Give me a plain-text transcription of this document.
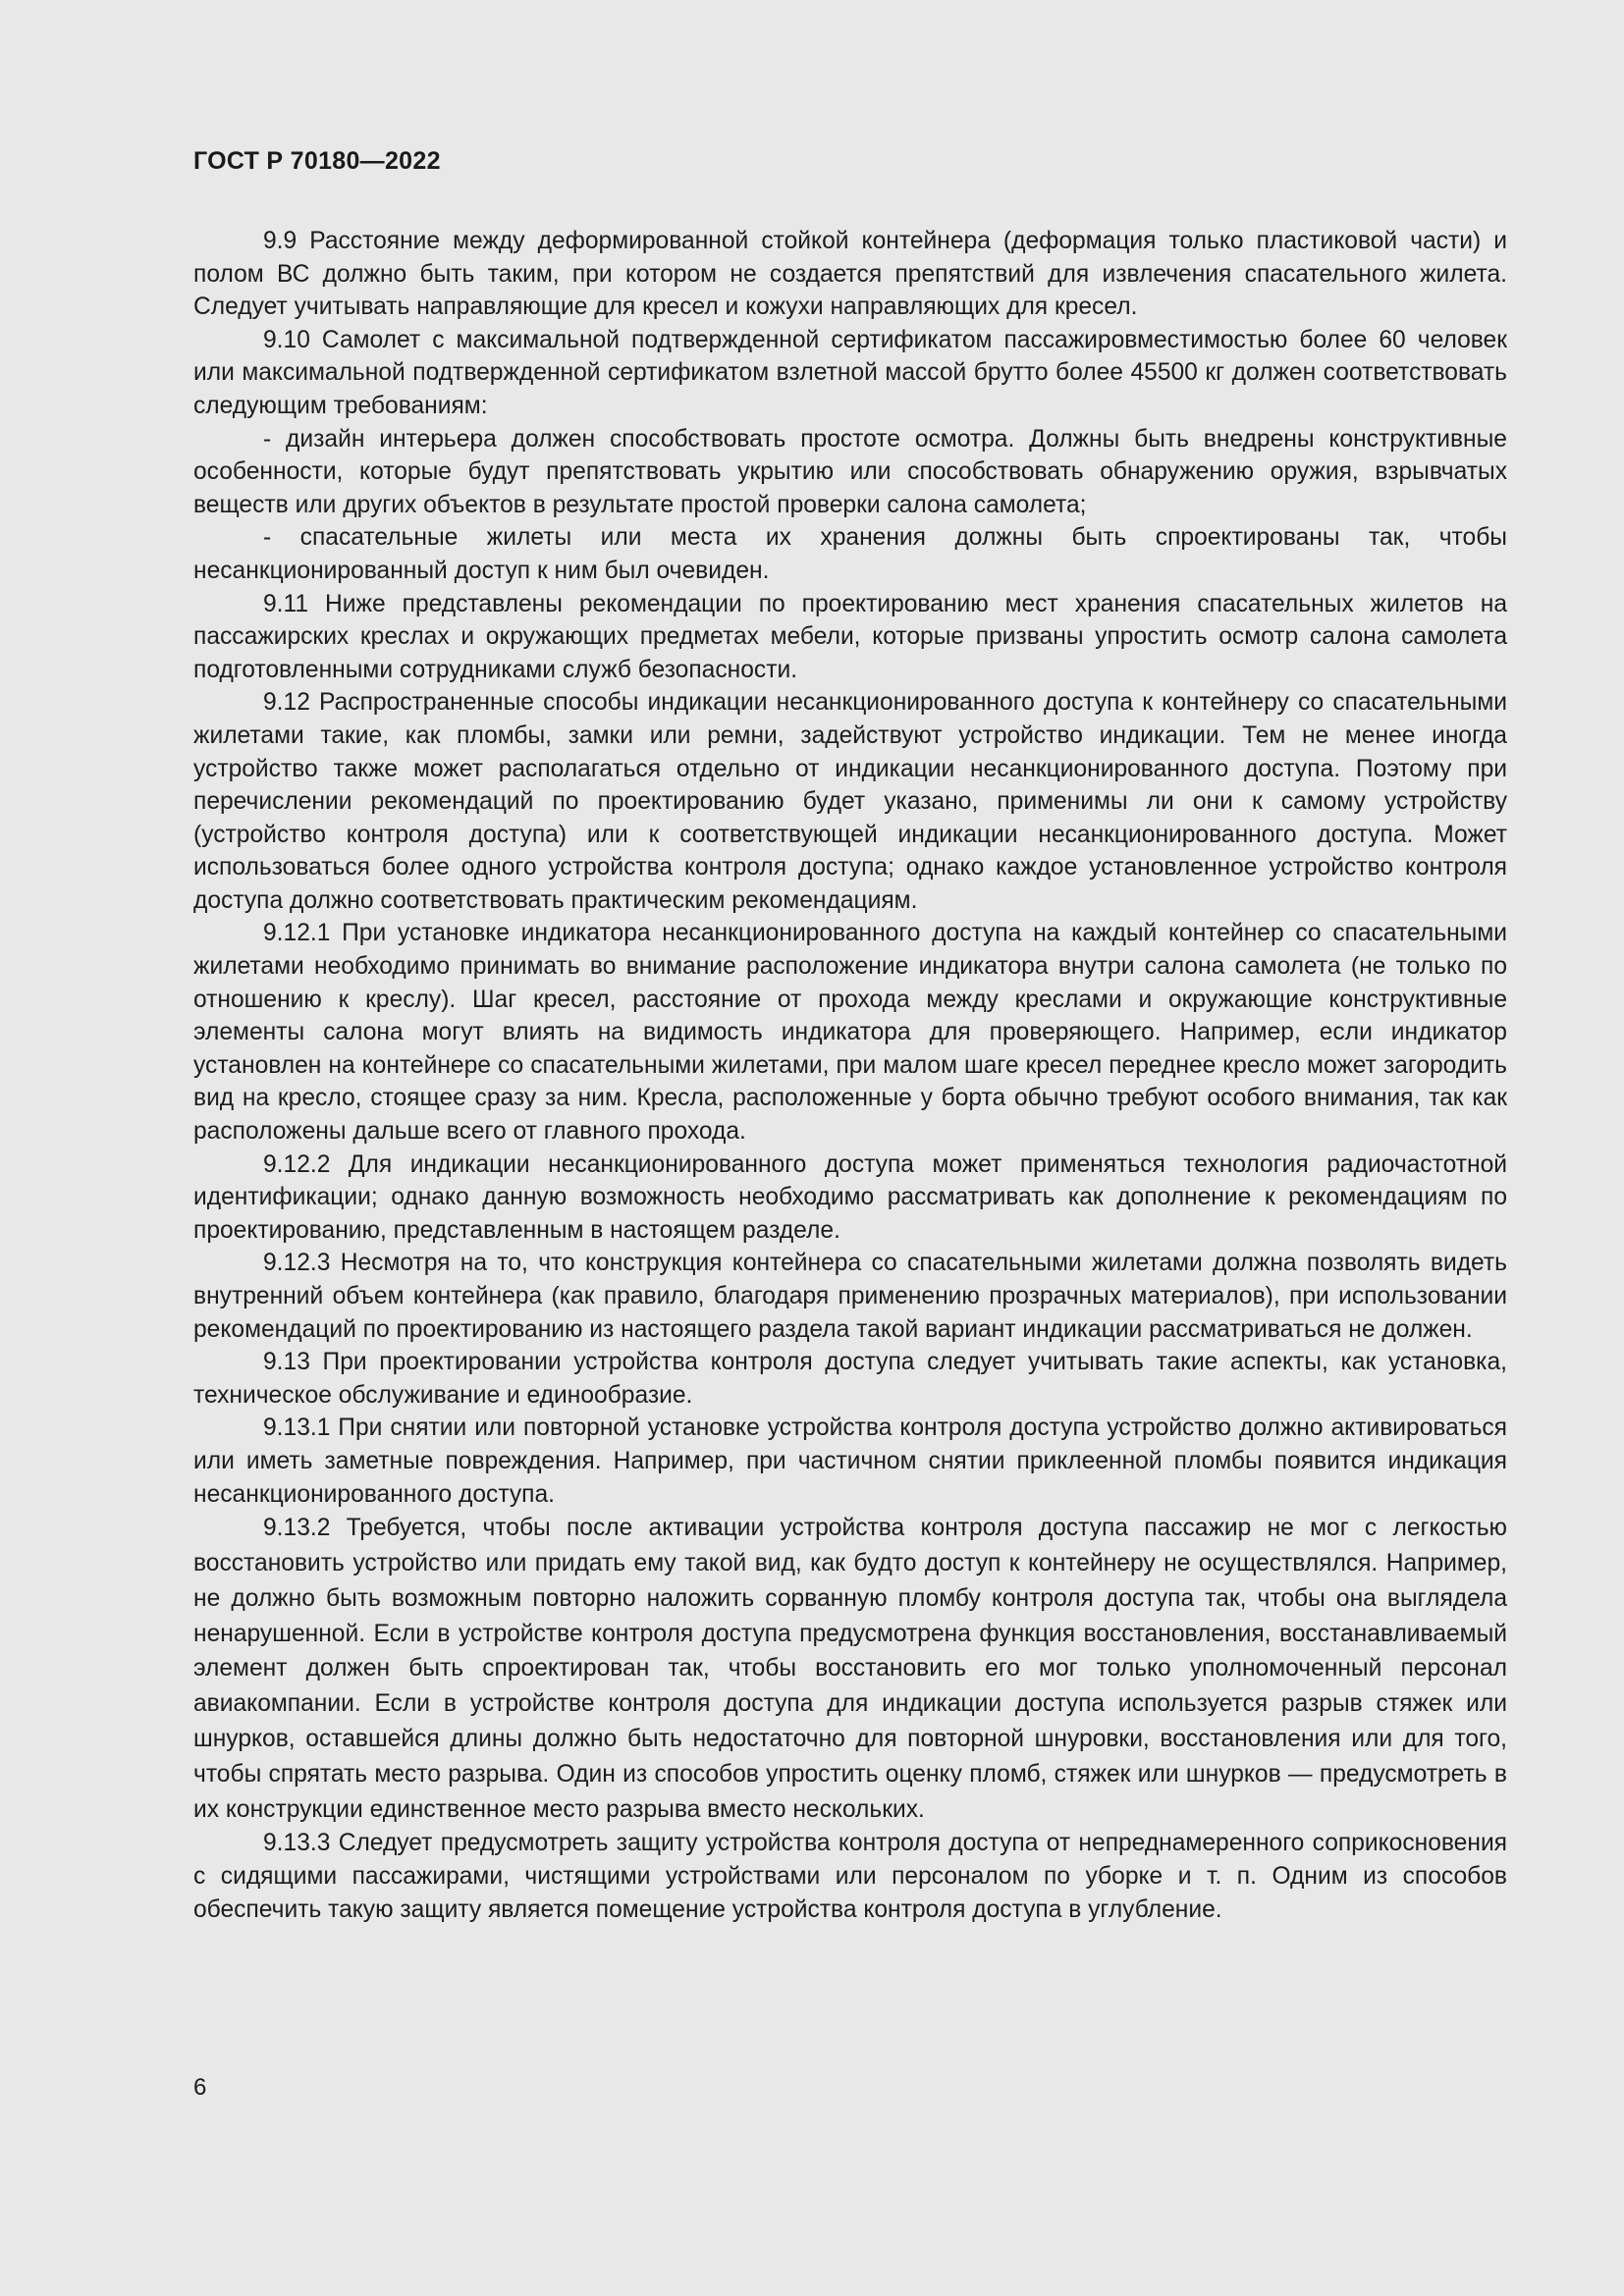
ГОСТ Р 70180—2022

9.9 Расстояние между деформированной стойкой контейнера (деформация только пластиковой части) и полом ВС должно быть таким, при котором не создается препятствий для извлечения спасательного жилета. Следует учитывать направляющие для кресел и кожухи направляющих для кресел.

9.10 Самолет с максимальной подтвержденной сертификатом пассажировместимостью более 60 человек или максимальной подтвержденной сертификатом взлетной массой брутто более 45500 кг должен соответствовать следующим требованиям:

- дизайн интерьера должен способствовать простоте осмотра. Должны быть внедрены конструктивные особенности, которые будут препятствовать укрытию или способствовать обнаружению оружия, взрывчатых веществ или других объектов в результате простой проверки салона самолета;

- спасательные жилеты или места их хранения должны быть спроектированы так, чтобы несанкционированный доступ к ним был очевиден.

9.11 Ниже представлены рекомендации по проектированию мест хранения спасательных жилетов на пассажирских креслах и окружающих предметах мебели, которые призваны упростить осмотр салона самолета подготовленными сотрудниками служб безопасности.

9.12 Распространенные способы индикации несанкционированного доступа к контейнеру со спасательными жилетами такие, как пломбы, замки или ремни, задействуют устройство индикации. Тем не менее иногда устройство также может располагаться отдельно от индикации несанкционированного доступа. Поэтому при перечислении рекомендаций по проектированию будет указано, применимы ли они к самому устройству (устройство контроля доступа) или к соответствующей индикации несанкционированного доступа. Может использоваться более одного устройства контроля доступа; однако каждое установленное устройство контроля доступа должно соответствовать практическим рекомендациям.

9.12.1 При установке индикатора несанкционированного доступа на каждый контейнер со спасательными жилетами необходимо принимать во внимание расположение индикатора внутри салона самолета (не только по отношению к креслу). Шаг кресел, расстояние от прохода между креслами и окружающие конструктивные элементы салона могут влиять на видимость индикатора для проверяющего. Например, если индикатор установлен на контейнере со спасательными жилетами, при малом шаге кресел переднее кресло может загородить вид на кресло, стоящее сразу за ним. Кресла, расположенные у борта обычно требуют особого внимания, так как расположены дальше всего от главного прохода.

9.12.2 Для индикации несанкционированного доступа может применяться технология радиочастотной идентификации; однако данную возможность необходимо рассматривать как дополнение к рекомендациям по проектированию, представленным в настоящем разделе.

9.12.3 Несмотря на то, что конструкция контейнера со спасательными жилетами должна позволять видеть внутренний объем контейнера (как правило, благодаря применению прозрачных материалов), при использовании рекомендаций по проектированию из настоящего раздела такой вариант индикации рассматриваться не должен.

9.13 При проектировании устройства контроля доступа следует учитывать такие аспекты, как установка, техническое обслуживание и единообразие.

9.13.1 При снятии или повторной установке устройства контроля доступа устройство должно активироваться или иметь заметные повреждения. Например, при частичном снятии приклеенной пломбы появится индикация несанкционированного доступа.

9.13.2 Требуется, чтобы после активации устройства контроля доступа пассажир не мог с легкостью восстановить устройство или придать ему такой вид, как будто доступ к контейнеру не осуществлялся. Например, не должно быть возможным повторно наложить сорванную пломбу контроля доступа так, чтобы она выглядела ненарушенной. Если в устройстве контроля доступа предусмотрена функция восстановления, восстанавливаемый элемент должен быть спроектирован так, чтобы восстановить его мог только уполномоченный персонал авиакомпании. Если в устройстве контроля доступа для индикации доступа используется разрыв стяжек или шнурков, оставшейся длины должно быть недостаточно для повторной шнуровки, восстановления или для того, чтобы спрятать место разрыва. Один из способов упростить оценку пломб, стяжек или шнурков — предусмотреть в их конструкции единственное место разрыва вместо нескольких.

9.13.3 Следует предусмотреть защиту устройства контроля доступа от непреднамеренного соприкосновения с сидящими пассажирами, чистящими устройствами или персоналом по уборке и т. п. Одним из способов обеспечить такую защиту является помещение устройства контроля доступа в углубление.

6
